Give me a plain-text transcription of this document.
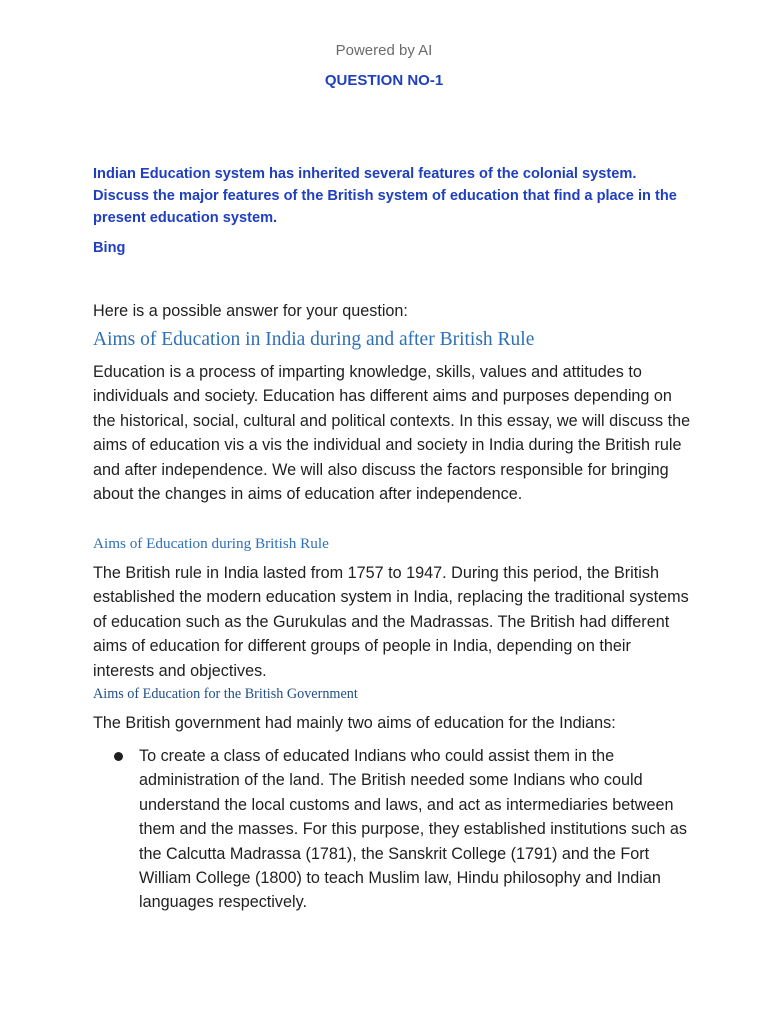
Powered by AI
QUESTION NO-1
Indian Education system has inherited several features of the colonial system. Discuss the major features of the British system of education that find a place in the present education system.
Bing
Here is a possible answer for your question:
Aims of Education in India during and after British Rule
Education is a process of imparting knowledge, skills, values and attitudes to individuals and society. Education has different aims and purposes depending on the historical, social, cultural and political contexts. In this essay, we will discuss the aims of education vis a vis the individual and society in India during the British rule and after independence. We will also discuss the factors responsible for bringing about the changes in aims of education after independence.
Aims of Education during British Rule
The British rule in India lasted from 1757 to 1947. During this period, the British established the modern education system in India, replacing the traditional systems of education such as the Gurukulas and the Madrassas. The British had different aims of education for different groups of people in India, depending on their interests and objectives.
Aims of Education for the British Government
The British government had mainly two aims of education for the Indians:
To create a class of educated Indians who could assist them in the administration of the land. The British needed some Indians who could understand the local customs and laws, and act as intermediaries between them and the masses. For this purpose, they established institutions such as the Calcutta Madrassa (1781), the Sanskrit College (1791) and the Fort William College (1800) to teach Muslim law, Hindu philosophy and Indian languages respectively.
